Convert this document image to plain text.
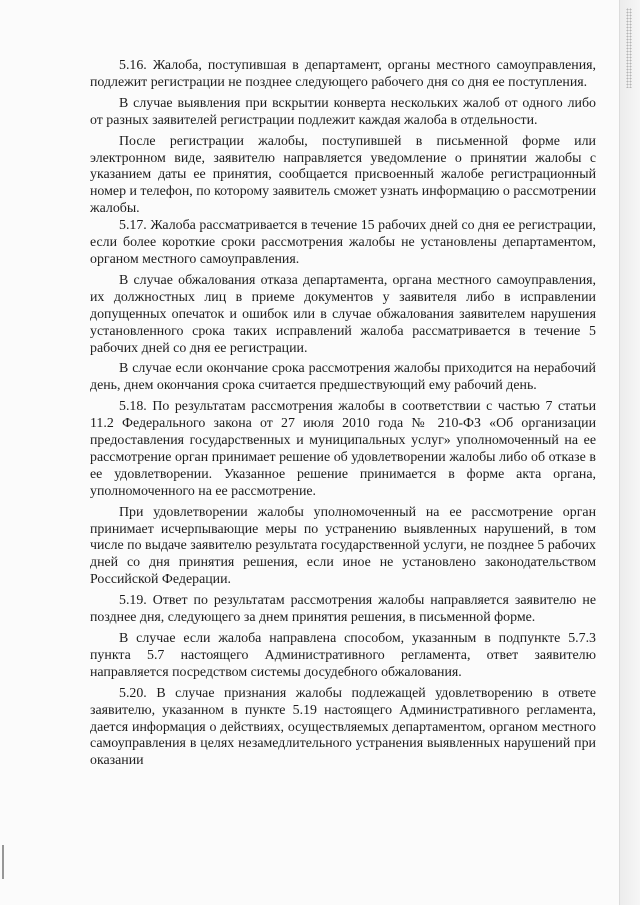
5.16. Жалоба, поступившая в департамент, органы местного самоуправления, подлежит регистрации не позднее следующего рабочего дня со дня ее поступления.

В случае выявления при вскрытии конверта нескольких жалоб от одного либо от разных заявителей регистрации подлежит каждая жалоба в отдельности.

После регистрации жалобы, поступившей в письменной форме или электронном виде, заявителю направляется уведомление о принятии жалобы с указанием даты ее принятия, сообщается присвоенный жалобе регистрационный номер и телефон, по которому заявитель сможет узнать информацию о рассмотрении жалобы.

5.17. Жалоба рассматривается в течение 15 рабочих дней со дня ее регистрации, если более короткие сроки рассмотрения жалобы не установлены департаментом, органом местного самоуправления.

В случае обжалования отказа департамента, органа местного самоуправления, их должностных лиц в приеме документов у заявителя либо в исправлении допущенных опечаток и ошибок или в случае обжалования заявителем нарушения установленного срока таких исправлений жалоба рассматривается в течение 5 рабочих дней со дня ее регистрации.

В случае если окончание срока рассмотрения жалобы приходится на нерабочий день, днем окончания срока считается предшествующий ему рабочий день.

5.18. По результатам рассмотрения жалобы в соответствии с частью 7 статьи 11.2 Федерального закона от 27 июля 2010 года № 210-ФЗ «Об организации предоставления государственных и муниципальных услуг» уполномоченный на ее рассмотрение орган принимает решение об удовлетворении жалобы либо об отказе в ее удовлетворении. Указанное решение принимается в форме акта органа, уполномоченного на ее рассмотрение.

При удовлетворении жалобы уполномоченный на ее рассмотрение орган принимает исчерпывающие меры по устранению выявленных нарушений, в том числе по выдаче заявителю результата государственной услуги, не позднее 5 рабочих дней со дня принятия решения, если иное не установлено законодательством Российской Федерации.

5.19. Ответ по результатам рассмотрения жалобы направляется заявителю не позднее дня, следующего за днем принятия решения, в письменной форме.

В случае если жалоба направлена способом, указанным в подпункте 5.7.3 пункта 5.7 настоящего Административного регламента, ответ заявителю направляется посредством системы досудебного обжалования.

5.20. В случае признания жалобы подлежащей удовлетворению в ответе заявителю, указанном в пункте 5.19 настоящего Административного регламента, дается информация о действиях, осуществляемых департаментом, органом местного самоуправления в целях незамедлительного устранения выявленных нарушений при оказании
